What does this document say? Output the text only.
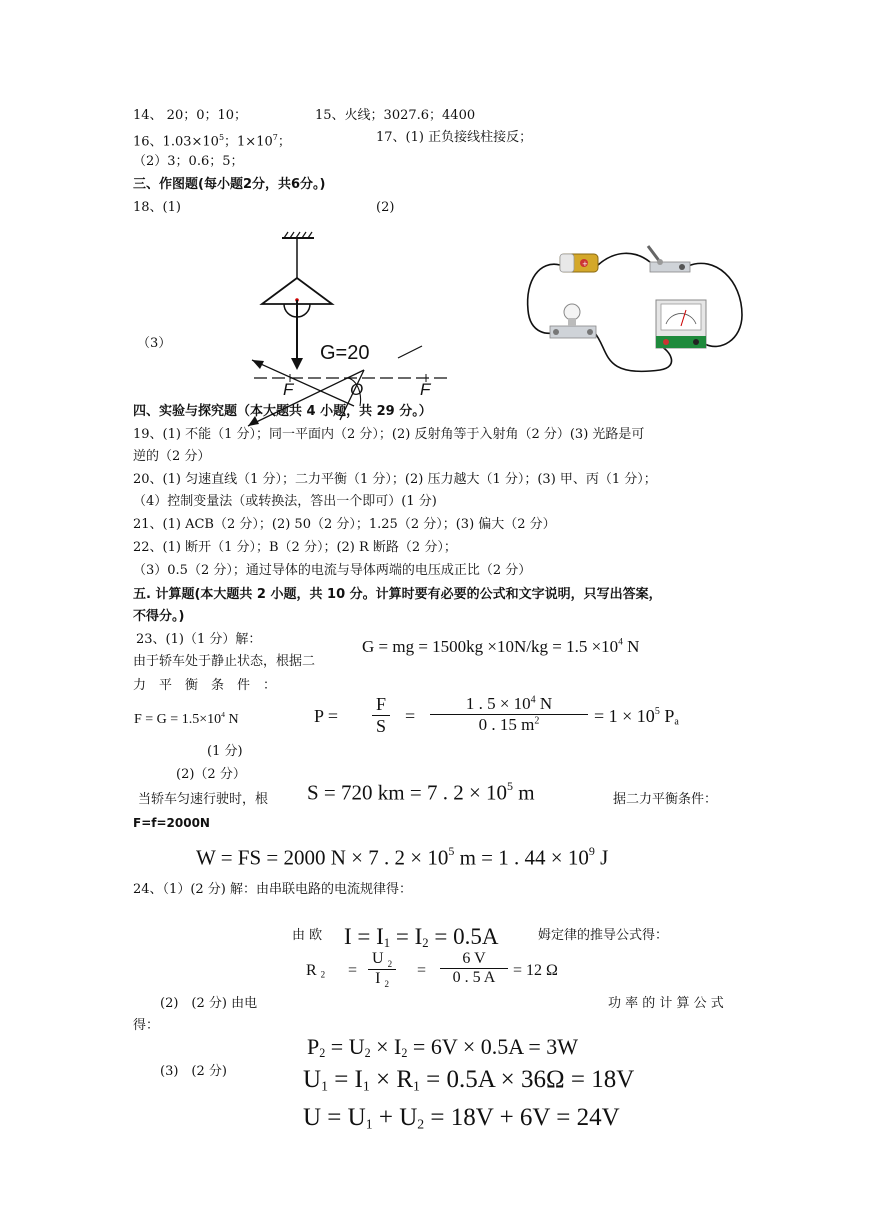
14、 20；0；10；	15、火线；3027.6；4400
16、$1.03\times 10^5$；$1\times 10^7$；	17、(1) 正负接线柱接反；
（2）3；0.6；5；
三、作图题(每小题2分，共6分。)
18、(1)	(2)
（3）	G=20
F	O	F
+
四、实验与探究题（本大题共 4 小题，共 29 分。）
19、(1) 不能（1 分）；同一平面内（2 分）；(2) 反射角等于入射角（2 分）(3) 光路是可
逆的（2 分）
20、(1) 匀速直线（1 分）；二力平衡（1 分）；(2) 压力越大（1 分）；(3) 甲、丙（1 分）；
（4）控制变量法（或转换法，答出一个即可）(1 分)
21、(1) ACB（2 分）；(2) 50（2 分）；1.25（2 分）；(3) 偏大（2 分）
22、(1) 断开（1 分）；B（2 分）；(2) R 断路（2 分）；
（3）0.5（2 分）；通过导体的电流与导体两端的电压成正比（2 分）
五. 计算题(本大题共 2 小题，共 10 分。计算时要有必要的公式和文字说明，只写出答案，
不得分。)
23、(1)（1 分）解：
由于轿车处于静止状态，根据二
力　平　衡　条　件　：
G = mg = $1500kg \times 10N/kg = 1.5 \times 10^4$ N
$F = G = 1.5\times 10^4$ N	$P = \frac{F}{S} = \frac{1 . 5 \times 10^4 N}{0 . 15 m^2} = 1 \times 10^5$ $P_a$
(1 分)
(2)（2 分）
当轿车匀速行驶时，根 S = 720 km = 7 . $2 \times 10^5$ m	据二力平衡条件：
F=f=2000N
W = FS = 2000 N × 7 . $2 \times 10^5$ m = 1 . $44 \times 10^9$ J
24、（1）(2 分) 解：由串联电路的电流规律得：
由 欧 $I = I_1 = I_2 = 0.5A$	姆定律的推导公式得：
R $_2 = \frac{U _2}{I _2} = \frac{6 V}{0 . 5 A} = 12$ Ω
(2)　(2 分) 由电	功 率 的 计 算 公 式
得：
$P_2 = U_2 \times I_2 = 6V \times 0.5A = 3W$
(3)　(2 分)	$U_1 = I_1 \times R_1 = 0.5A \times 36\Omega = 18V$
$U = U_1 + U_2 = 18V + 6V = 24V$
